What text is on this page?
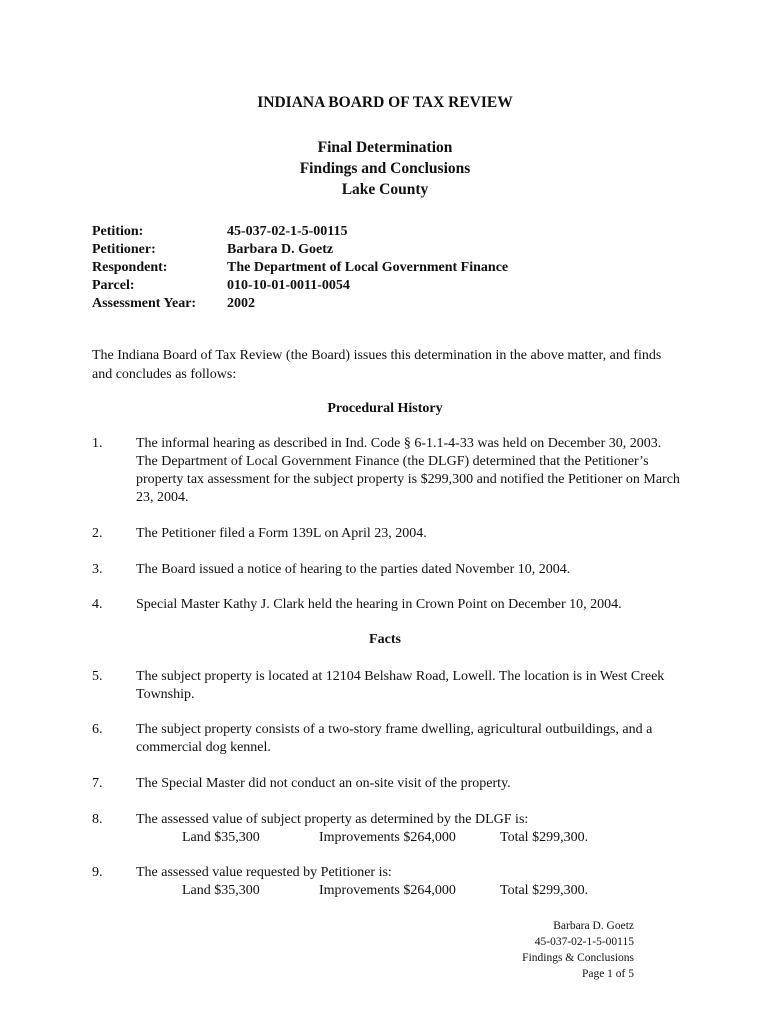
INDIANA BOARD OF TAX REVIEW
Final Determination
Findings and Conclusions
Lake County
Petition:	45-037-02-1-5-00115
Petitioner:	Barbara D. Goetz
Respondent:	The Department of Local Government Finance
Parcel:	010-10-01-0011-0054
Assessment Year:	2002
The Indiana Board of Tax Review (the Board) issues this determination in the above matter, and finds and concludes as follows:
Procedural History
1.	The informal hearing as described in Ind. Code § 6-1.1-4-33 was held on December 30, 2003. The Department of Local Government Finance (the DLGF) determined that the Petitioner’s property tax assessment for the subject property is $299,300 and notified the Petitioner on March 23, 2004.
2.	The Petitioner filed a Form 139L on April 23, 2004.
3.	The Board issued a notice of hearing to the parties dated November 10, 2004.
4.	Special Master Kathy J. Clark held the hearing in Crown Point on December 10, 2004.
Facts
5.	The subject property is located at 12104 Belshaw Road, Lowell. The location is in West Creek Township.
6.	The subject property consists of a two-story frame dwelling, agricultural outbuildings, and a commercial dog kennel.
7.	The Special Master did not conduct an on-site visit of the property.
8.	The assessed value of subject property as determined by the DLGF is:
Land $35,300	Improvements $264,000	Total $299,300.
9.	The assessed value requested by Petitioner is:
Land $35,300	Improvements $264,000	Total $299,300.
Barbara D. Goetz
45-037-02-1-5-00115
Findings & Conclusions
Page 1 of 5
